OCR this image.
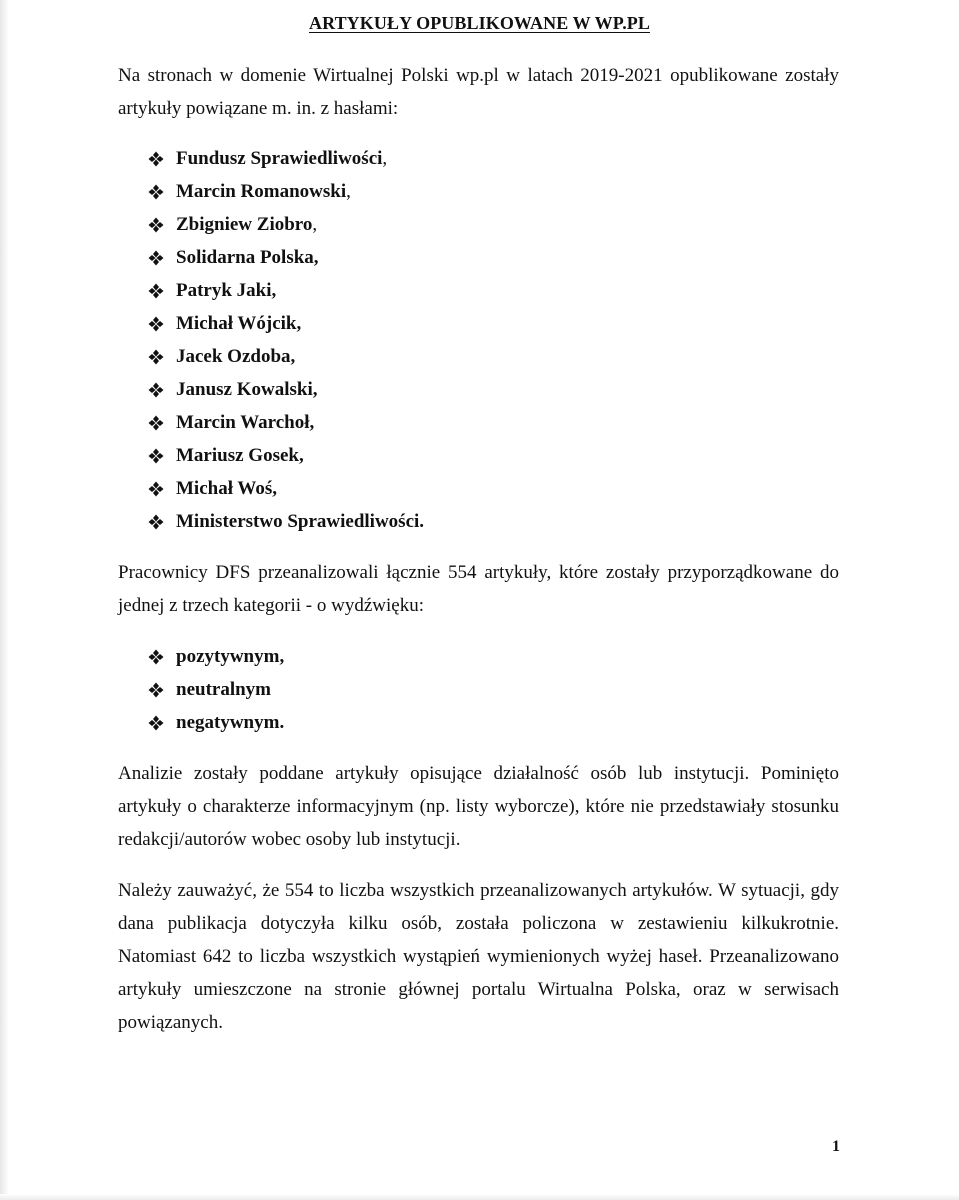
ARTYKUŁY OPUBLIKOWANE W WP.PL

Na stronach w domenie Wirtualnej Polski wp.pl w latach 2019-2021 opublikowane zostały artykuły powiązane m. in. z hasłami:

Fundusz Sprawiedliwości ,
Marcin Romanowski ,
Zbigniew Ziobro ,
Solidarna Polska,
Patryk Jaki,
Michał Wójcik,
Jacek Ozdoba,
Janusz Kowalski,
Marcin Warchoł,
Mariusz Gosek,
Michał Woś,
Ministerstwo Sprawiedliwości.

Pracownicy DFS przeanalizowali łącznie 554 artykuły, które zostały przyporządkowane do jednej z trzech kategorii - o wydźwięku:

pozytywnym,
neutralnym
negatywnym.

Analizie zostały poddane artykuły opisujące działalność osób lub instytucji. Pominięto artykuły o charakterze informacyjnym (np. listy wyborcze), które nie przedstawiały stosunku redakcji/autorów wobec osoby lub instytucji.

Należy zauważyć, że 554 to liczba wszystkich przeanalizowanych artykułów. W sytuacji, gdy dana publikacja dotyczyła kilku osób, została policzona w zestawieniu kilkukrotnie. Natomiast 642 to liczba wszystkich wystąpień wymienionych wyżej haseł. Przeanalizowano artykuły umieszczone na stronie głównej portalu Wirtualna Polska, oraz w serwisach powiązanych.

1
